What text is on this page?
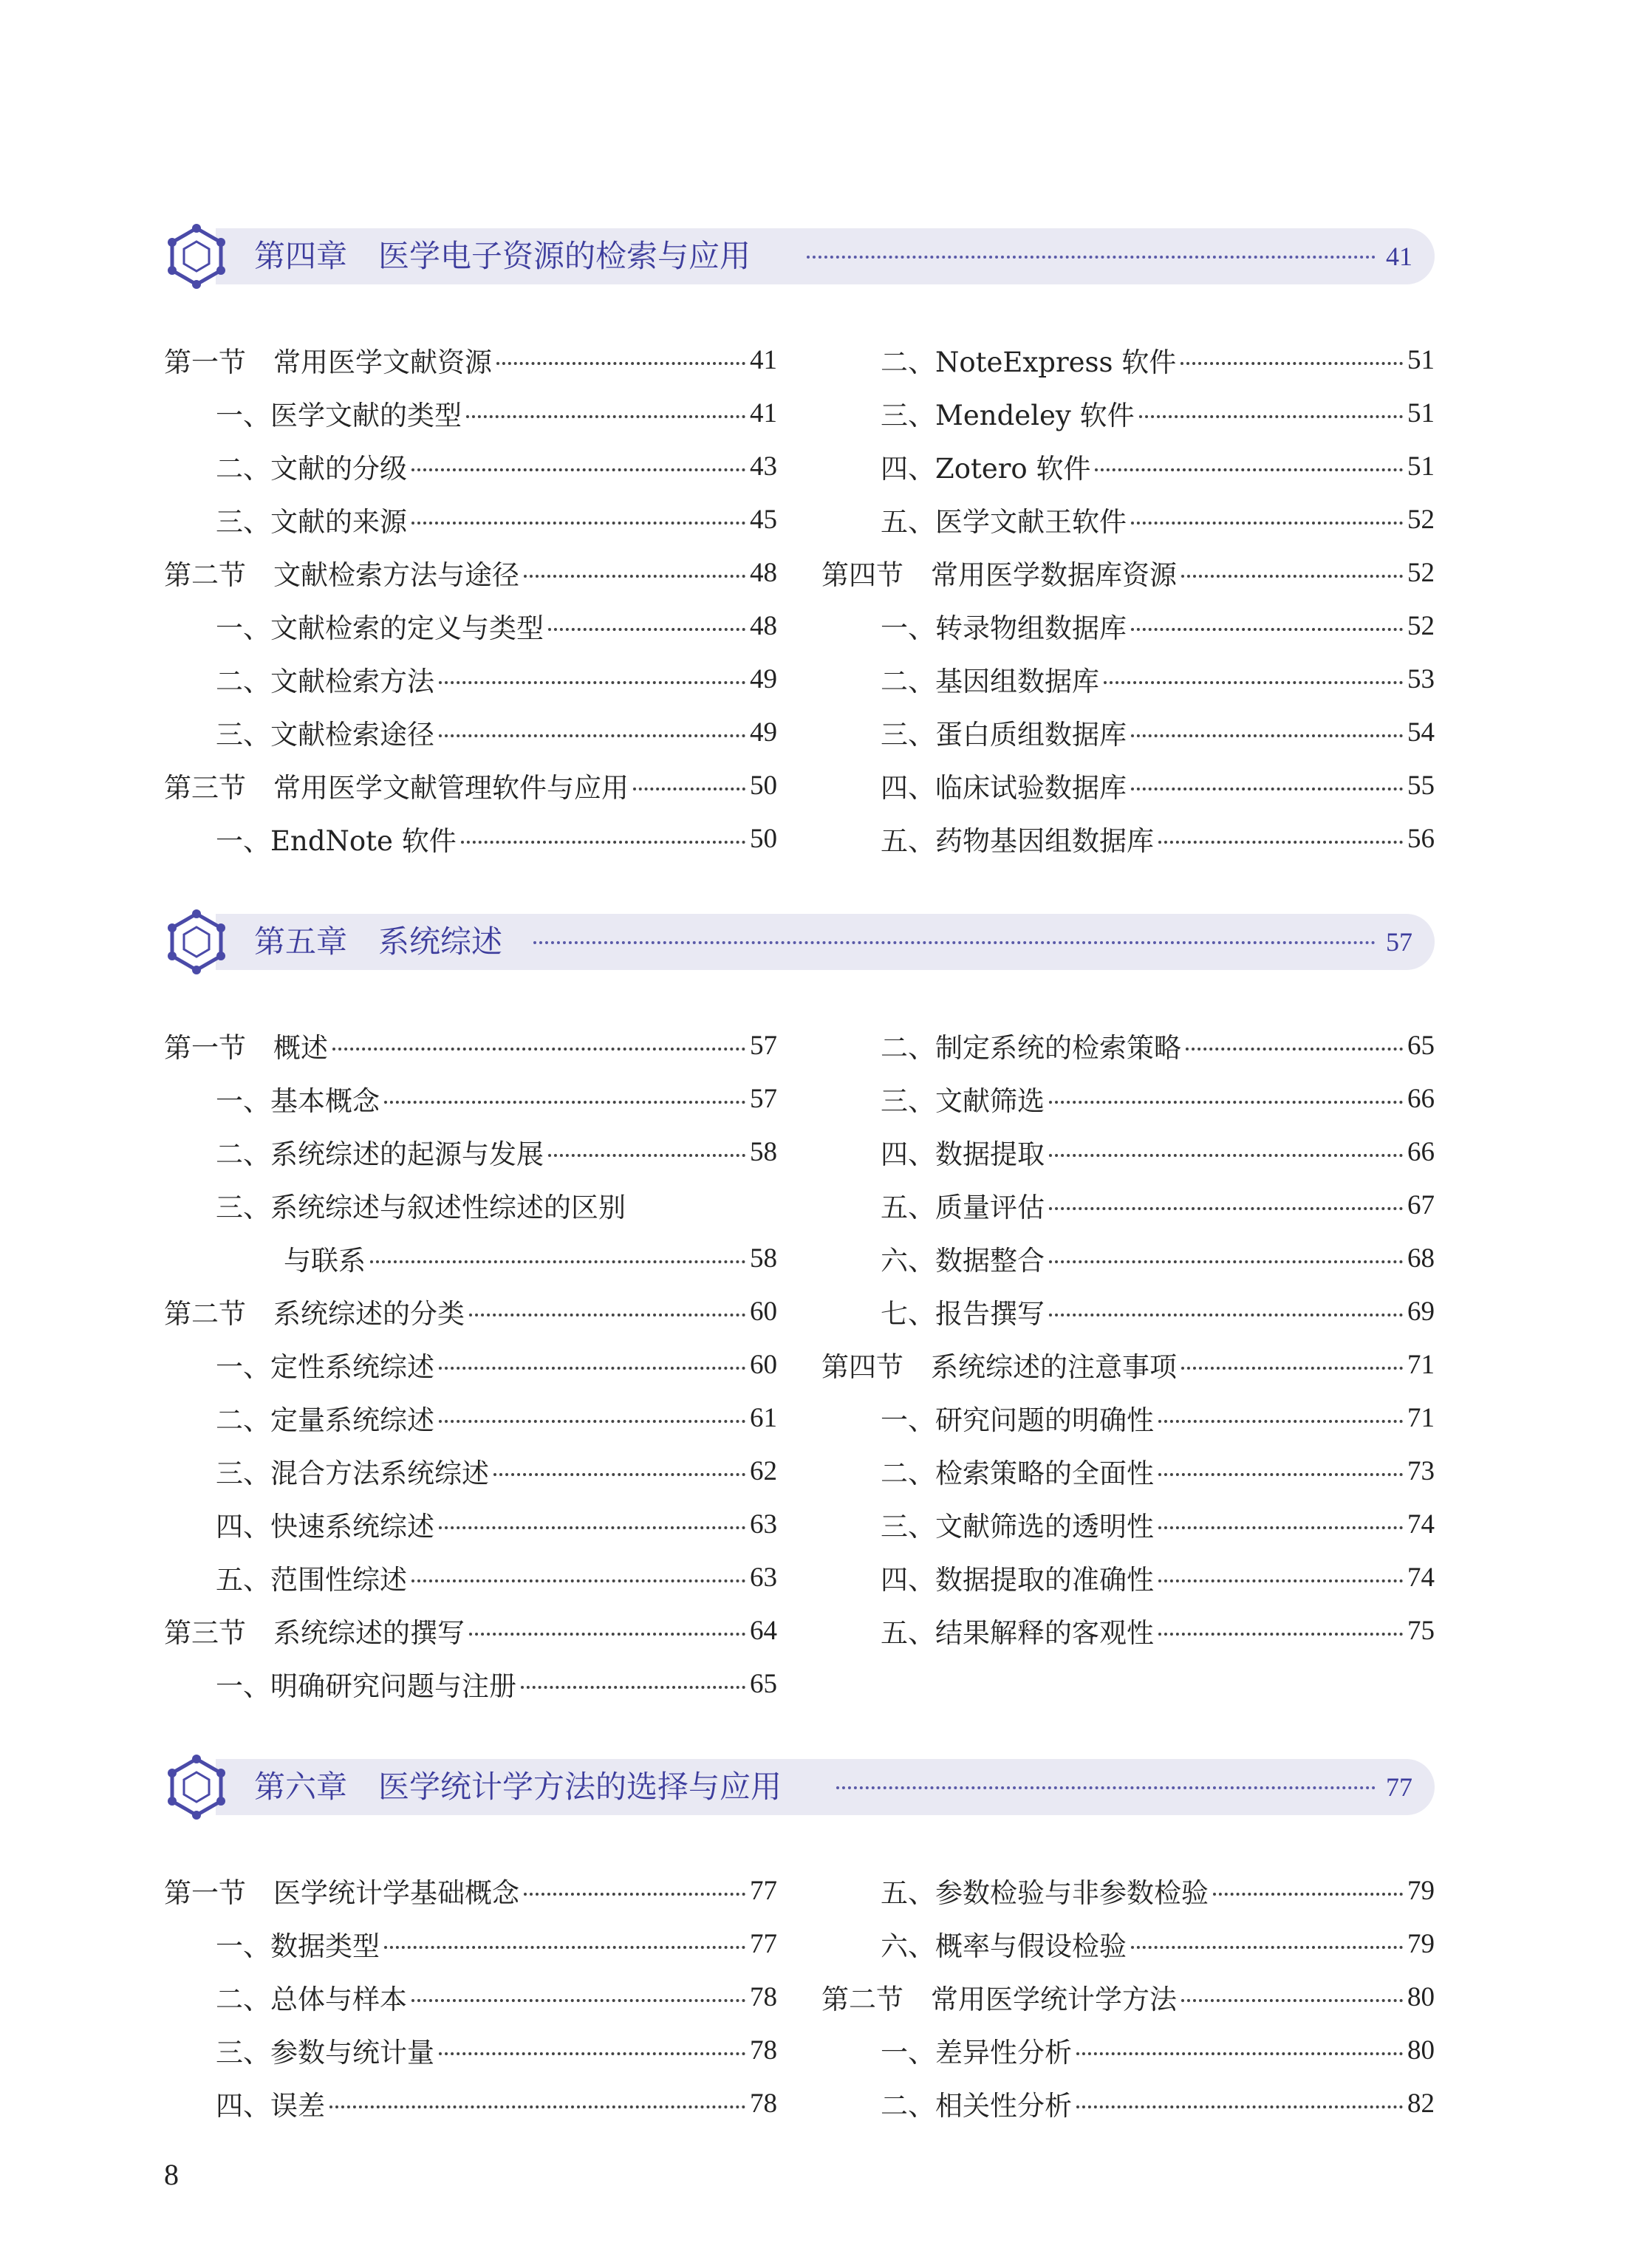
第四章　医学电子资源的检索与应用	41
第一节　常用医学文献资源	41
一、医学文献的类型	41
二、文献的分级	43
三、文献的来源	45
第二节　文献检索方法与途径	48
一、文献检索的定义与类型	48
二、文献检索方法	49
三、文献检索途径	49
第三节　常用医学文献管理软件与应用	50
一、EndNote 软件	50
二、NoteExpress 软件	51
三、Mendeley 软件	51
四、Zotero 软件	51
五、医学文献王软件	52
第四节　常用医学数据库资源	52
一、转录物组数据库	52
二、基因组数据库	53
三、蛋白质组数据库	54
四、临床试验数据库	55
五、药物基因组数据库	56
第五章　系统综述	57
第一节　概述	57
一、基本概念	57
二、系统综述的起源与发展	58
三、系统综述与叙述性综述的区别
与联系	58
第二节　系统综述的分类	60
一、定性系统综述	60
二、定量系统综述	61
三、混合方法系统综述	62
四、快速系统综述	63
五、范围性综述	63
第三节　系统综述的撰写	64
一、明确研究问题与注册	65
二、制定系统的检索策略	65
三、文献筛选	66
四、数据提取	66
五、质量评估	67
六、数据整合	68
七、报告撰写	69
第四节　系统综述的注意事项	71
一、研究问题的明确性	71
二、检索策略的全面性	73
三、文献筛选的透明性	74
四、数据提取的准确性	74
五、结果解释的客观性	75
第六章　医学统计学方法的选择与应用	77
第一节　医学统计学基础概念	77
一、数据类型	77
二、总体与样本	78
三、参数与统计量	78
四、误差	78
五、参数检验与非参数检验	79
六、概率与假设检验	79
第二节　常用医学统计学方法	80
一、差异性分析	80
二、相关性分析	82
8
